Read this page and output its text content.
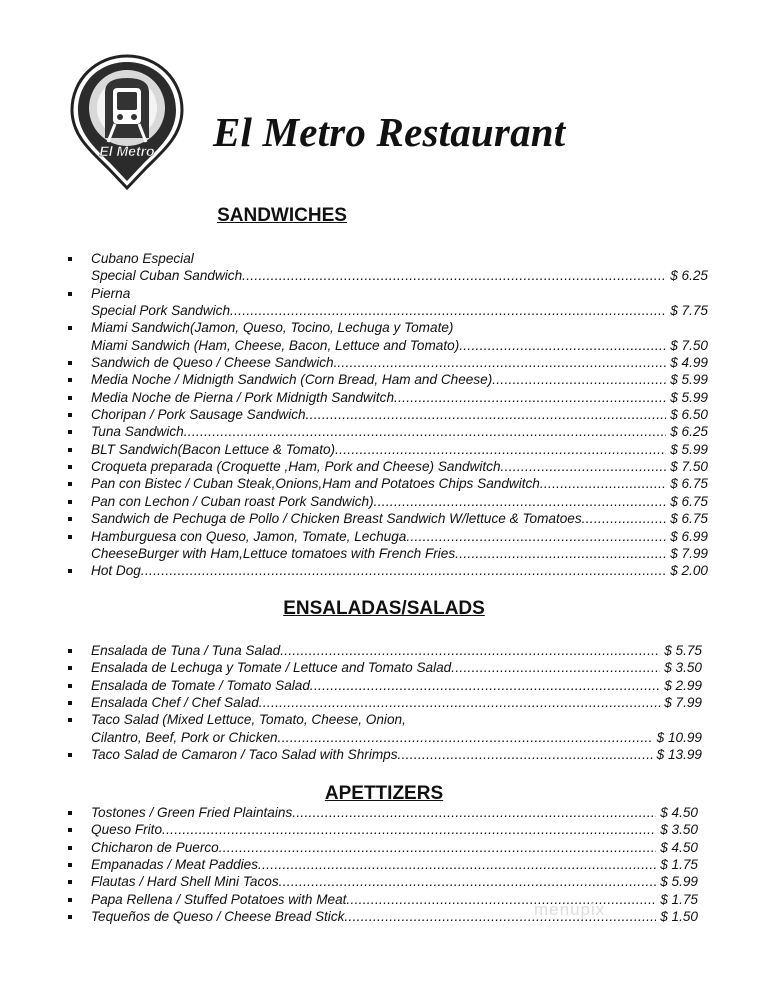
El Metro El Metro Restaurant
SANDWICHES
Cubano Especial
Special Cuban Sandwich .....	$ 6.25
Pierna
Special Pork Sandwich .....	$ 7.75
Miami Sandwich(Jamon, Queso, Tocino, Lechuga y Tomate)
Miami Sandwich (Ham, Cheese, Bacon, Lettuce and Tomato) .....	$ 7.50
Sandwich de Queso / Cheese Sandwich. .....	$ 4.99
Media Noche / Midnigth Sandwich (Corn Bread, Ham and Cheese) .....	$ 5.99
Media Noche de Pierna / Pork Midnigth Sandwitch .....	$ 5.99
Choripan / Pork Sausage Sandwich .....	$ 6.50
Tuna Sandwich .....	$ 6.25
BLT Sandwich(Bacon Lettuce & Tomato) .....	$ 5.99
Croqueta preparada (Croquette ,Ham, Pork and Cheese) Sandwitch .....	$ 7.50
Pan con Bistec / Cuban Steak,Onions,Ham and Potatoes Chips Sandwitch .....	$ 6.75
Pan con Lechon / Cuban roast Pork Sandwich) .....	$ 6.75
Sandwich de Pechuga de Pollo / Chicken Breast Sandwich W/lettuce & Tomatoes .....	$ 6.75
Hamburguesa con Queso, Jamon, Tomate, Lechuga .....	$ 6.99
CheeseBurger with Ham,Lettuce tomatoes with French Fries .....	$ 7.99
Hot Dog .....	$ 2.00
ENSALADAS/SALADS
Ensalada de Tuna / Tuna Salad .....	$ 5.75
Ensalada de Lechuga y Tomate / Lettuce and Tomato Salad .....	$ 3.50
Ensalada de Tomate / Tomato Salad .....	$ 2.99
Ensalada Chef / Chef Salad .....	$ 7.99
Taco Salad (Mixed Lettuce, Tomato, Cheese, Onion,
Cilantro, Beef, Pork or Chicken .....	$ 10.99
Taco Salad de Camaron / Taco Salad with Shrimps .....	$ 13.99
APETTIZERS
Tostones / Green Fried Plaintains .....	$ 4.50
Queso Frito .....	$ 3.50
Chicharon de Puerco .....	$ 4.50
Empanadas / Meat Paddies .....	$ 1.75
Flautas / Hard Shell Mini Tacos .....	$ 5.99
Papa Rellena / Stuffed Potatoes with Meat .....	$ 1.75
Tequeños de Queso / Cheese Bread Stick .....	$ 1.50
menupix
